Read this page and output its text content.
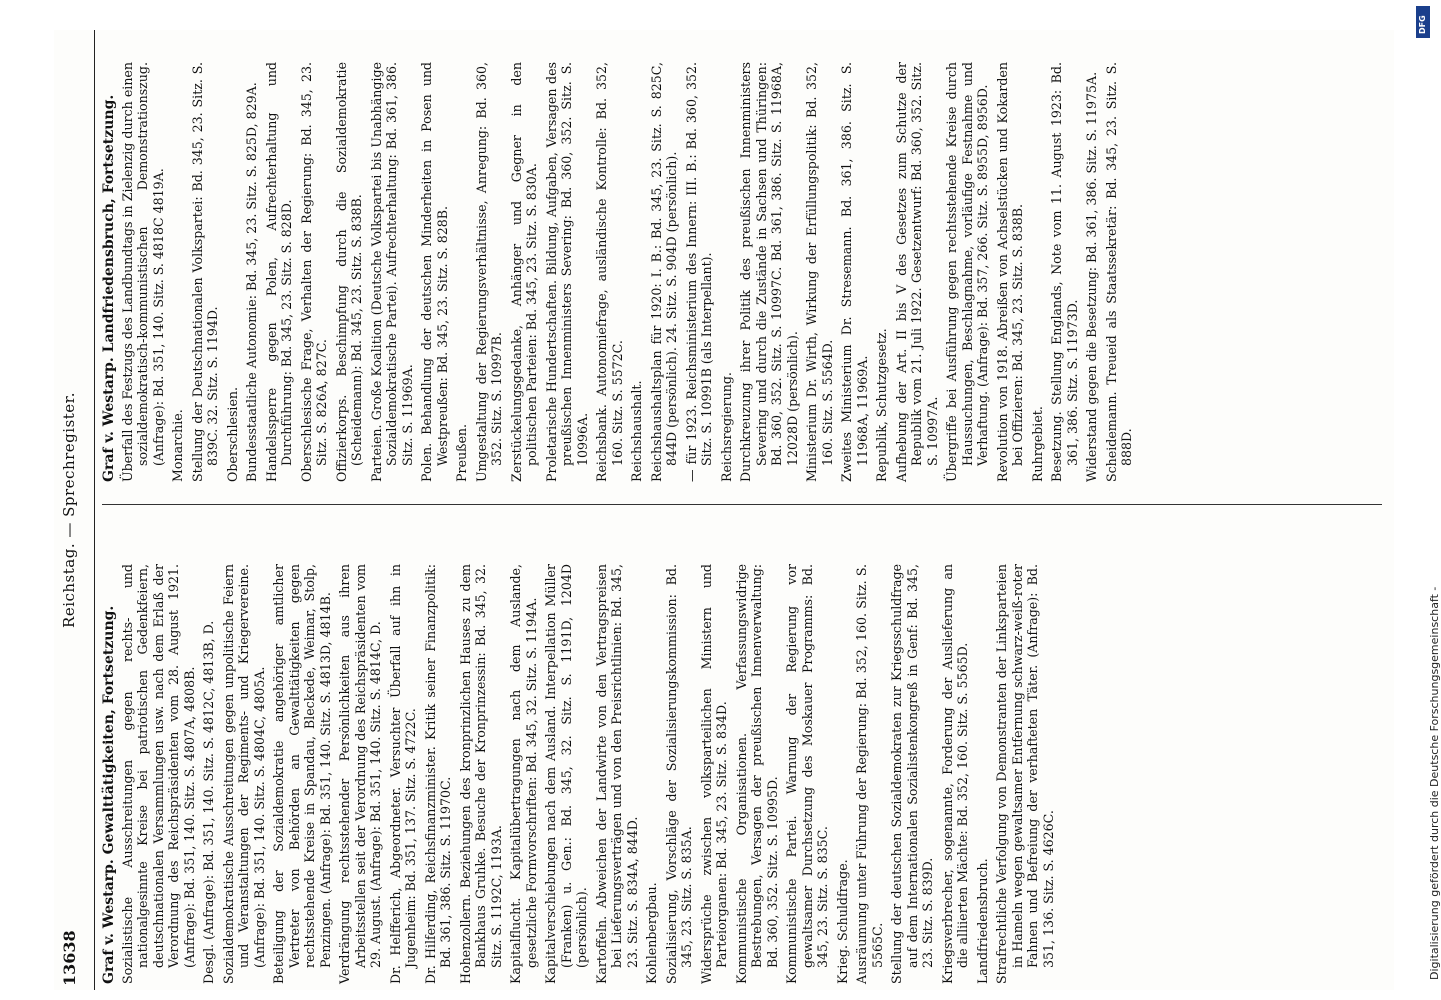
13638
Reichstag. — Sprechregister.
Graf v. Westarp. Gewalttätigkeiten, Fortsetzung. Sozialistische Ausschreitungen gegen rechts- und nationalgesinnte Kreise bei patriotischen Gedenkfeiern, deutschnationalen Versammlungen usw. nach dem Erlaß der Verordnung des Reichspräsidenten vom 28. August 1921. (Anfrage): Bd. 351, 140. Sitz. S. 4807A, 4808B. Desgl. (Anfrage): Bd. 351, 140. Sitz. S. 4812C, 4813B, D. Sozialdemokratische Ausschreitungen gegen unpolitische Feiern und Veranstaltungen der Regiments- und Kriegervereine. (Anfrage): Bd. 351, 140. Sitz. S. 4804C, 4805A. Beteiligung der Sozialdemokratie angehöriger amtlicher Vertreter von Behörden an Gewalttätigkeiten gegen rechtsstehende Kreise in Spandau, Bleckede, Weimar, Stolp, Penzingen. (Anfrage): Bd. 351, 140. Sitz. S. 4813D, 4814B. Verdrängung rechtsstehender Persönlichkeiten aus ihren Arbeitsstellen seit der Verordnung des Reichspräsidenten vom 29. August. (Anfrage): Bd. 351, 140. Sitz. S. 4814C, D. Dr. Helfferich, Abgeordneter. Versuchter Überfall auf ihn in Jugenheim: Bd. 351, 137. Sitz. S. 4722C. Dr. Hilferding, Reichsfinanzminister. Kritik seiner Finanzpolitik: Bd. 361, 386. Sitz. S. 11970C. Hohenzollern. Beziehungen des kronprinzlichen Hauses zu dem Bankhaus Gruhke. Besuche der Kronprinzessin: Bd. 345, 32. Sitz. S. 1192C, 1193A. Kapitalflucht. Kapitalübertragungen nach dem Auslande, gesetzliche Formvorschriften: Bd. 345, 32. Sitz. S. 1194A. Kapitalverschiebungen nach dem Ausland. Interpellation Müller (Franken) u. Gen.: Bd. 345, 32. Sitz. S. 1191D, 1204D (persönlich). Kartoffeln. Abweichen der Landwirte von den Vertragspreisen bei Lieferungsverträgen und von den Preisrichtlinien: Bd. 345, 23. Sitz. S. 834A, 844D. Kohlenbergbau. Sozialisierung, Vorschläge der Sozialisierungskommission: Bd. 345, 23. Sitz. S. 835A. Widersprüche zwischen volksparteilichen Ministern und Parteiorganen: Bd. 345, 23. Sitz. S. 834D. Kommunistische Organisationen. Verfassungswidrige Bestrebungen, Versagen der preußischen Innenverwaltung: Bd. 360, 352. Sitz. S. 10995D. Kommunistische Partei. Warnung der Regierung vor gewaltsamer Durchsetzung des Moskauer Programms: Bd. 345, 23. Sitz. S. 835C. Krieg. Schuldfrage. Ausräumung unter Führung der Regierung: Bd. 352, 160. Sitz. S. 5565C. Stellung der deutschen Sozialdemokraten zur Kriegsschuldfrage auf dem Internationalen Sozialistenkongreß in Genf: Bd. 345, 23. Sitz. S. 839D. Kriegsverbrecher, sogenannte, Forderung der Auslieferung an die alliierten Mächte: Bd. 352, 160. Sitz. S. 5565D. Landfriedensbruch. Strafrechtliche Verfolgung von Demonstranten der Linksparteien in Hameln wegen gewaltsamer Entfernung schwarz-weiß-roter Fahnen und Befreiung der verhafteten Täter. (Anfrage): Bd. 351, 136. Sitz. S. 4626C.
Graf v. Westarp. Landfriedensbruch, Fortsetzung. Überfall des Festzugs des Landbundtags in Zielenzig durch einen sozialdemokratisch-kommunistischen Demonstrationszug. (Anfrage): Bd. 351, 140. Sitz. S. 4818C 4819A. Monarchie. Stellung der Deutschnationalen Volkspartei: Bd. 345, 23. Sitz. S. 839C. 32. Sitz. S. 1194D. Oberschlesien. Bundesstaatliche Autonomie: Bd. 345, 23. Sitz. S. 825D, 829A. Handelssperre gegen Polen, Aufrechterhaltung und Durchführung: Bd. 345, 23. Sitz. S. 828D. Oberschlesische Frage, Verhalten der Regierung: Bd. 345, 23. Sitz. S. 826A, 827C. Offizierkorps. Beschimpfung durch die Sozialdemokratie (Scheidemann): Bd. 345, 23. Sitz. S. 838B. Parteien. Große Koalition (Deutsche Volkspartei bis Unabhängige Sozialdemokratische Partei). Aufrechterhaltung: Bd. 361, 386. Sitz. S. 11969A. Polen. Behandlung der deutschen Minderheiten in Posen und Westpreußen: Bd. 345, 23. Sitz. S. 828B. Preußen. Umgestaltung der Regierungsverhältnisse, Anregung: Bd. 360, 352. Sitz. S. 10997B. Zerstückelungsgedanke, Anhänger und Gegner in den politischen Parteien: Bd. 345, 23. Sitz. S. 830A. Proletarische Hundertschaften. Bildung, Aufgaben, Versagen des preußischen Innenministers Severing: Bd. 360, 352. Sitz. S. 10996A. Reichsbank. Autonomiefrage, ausländische Kontrolle: Bd. 352, 160. Sitz. S. 5572C. Reichshaushalt. Reichshaushaltsplan für 1920: I. B.: Bd. 345, 23. Sitz. S. 825C, 844D (persönlich). 24. Sitz. S. 904D (persönlich). — für 1923. Reichsministerium des Innern: III. B.: Bd. 360, 352. Sitz. S. 10991B (als Interpellant). Reichsregierung. Durchkreuzung ihrer Politik des preußischen Innenministers Severing und durch die Zustände in Sachsen und Thüringen: Bd. 360, 352. Sitz. S. 10997C. Bd. 361, 386. Sitz. S. 11968A, 12028D (persönlich). Ministerium Dr. Wirth, Wirkung der Erfüllungspolitik: Bd. 352, 160. Sitz. S. 5564D. Zweites Ministerium Dr. Stresemann. Bd. 361, 386. Sitz. S. 11968A, 11969A. Republik, Schutzgesetz. Aufhebung der Art. II bis V des Gesetzes zum Schutze der Republik vom 21. Juli 1922. Gesetzentwurf: Bd. 360, 352. Sitz. S. 10997A. Übergriffe bei Ausführung gegen rechtsstehende Kreise durch Haussuchungen, Beschlagnahme, vorläufige Festnahme und Verhaftung. (Anfrage): Bd. 357, 266. Sitz. S. 8955D, 8956D. Revolution von 1918. Abreißen von Achselstücken und Kokarden bei Offizieren: Bd. 345, 23. Sitz. S. 838B. Ruhrgebiet. Besetzung. Stellung Englands, Note vom 11. August 1923: Bd. 361, 386. Sitz. S. 11973D. Widerstand gegen die Besetzung: Bd. 361, 386. Sitz. S. 11975A. Scheidemann. Treueid als Staatssekretär: Bd. 345, 23. Sitz. S. 888D.
Digitalisierung gefördert durch die Deutsche Forschungsgemeinschaft -
DFG
